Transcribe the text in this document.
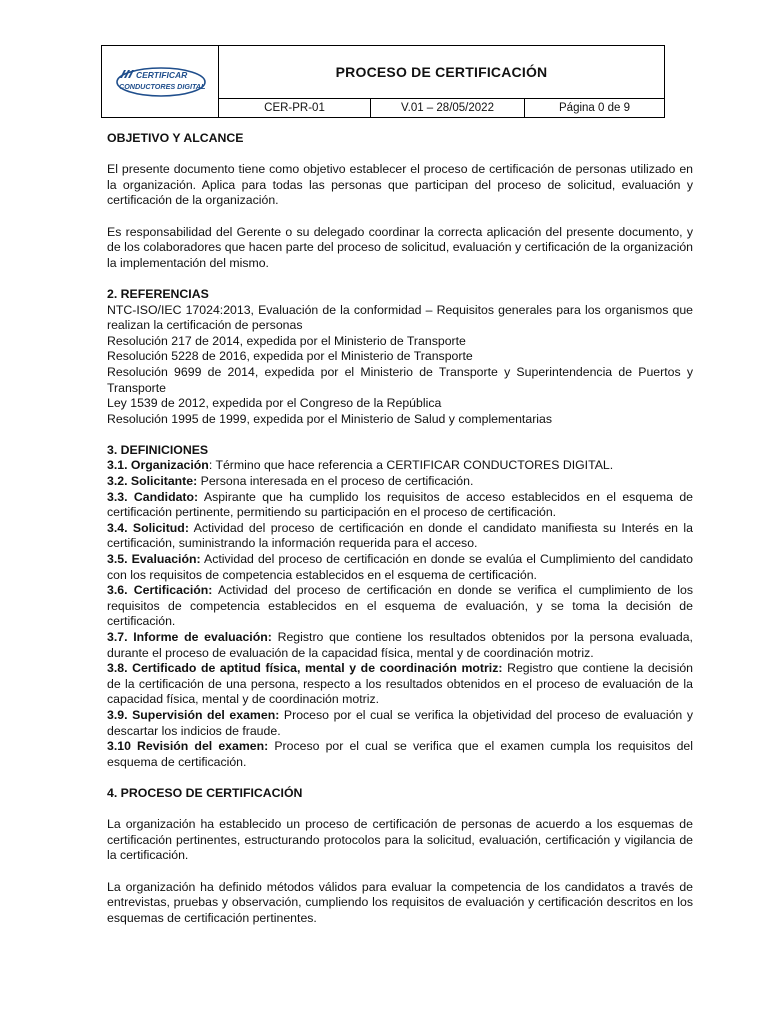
CERTIFICAR
CONDUCTORES DIGITAL
PROCESO DE CERTIFICACIÓN
CER-PR-01	V.01 – 28/05/2022	Página 0 de 9

OBJETIVO Y ALCANCE

El presente documento tiene como objetivo establecer el proceso de certificación de personas utilizado en la organización. Aplica para todas las personas que participan del proceso de solicitud, evaluación y certificación de la organización.

Es responsabilidad del Gerente o su delegado coordinar la correcta aplicación del presente documento, y de los colaboradores que hacen parte del proceso de solicitud, evaluación y certificación de la organización la implementación del mismo.

2. REFERENCIAS

NTC-ISO/IEC 17024:2013, Evaluación de la conformidad – Requisitos generales para los organismos que realizan la certificación de personas

Resolución 217 de 2014, expedida por el Ministerio de Transporte

Resolución 5228 de 2016, expedida por el Ministerio de Transporte

Resolución 9699 de 2014, expedida por el Ministerio de Transporte y Superintendencia de Puertos y Transporte

Ley 1539 de 2012, expedida por el Congreso de la República

Resolución 1995 de 1999, expedida por el Ministerio de Salud y complementarias

3. DEFINICIONES

3.1. Organización: Término que hace referencia a CERTIFICAR CONDUCTORES DIGITAL.

3.2. Solicitante: Persona interesada en el proceso de certificación.

3.3. Candidato: Aspirante que ha cumplido los requisitos de acceso establecidos en el esquema de certificación pertinente, permitiendo su participación en el proceso de certificación.

3.4. Solicitud: Actividad del proceso de certificación en donde el candidato manifiesta su Interés en la certificación, suministrando la información requerida para el acceso.

3.5. Evaluación: Actividad del proceso de certificación en donde se evalúa el Cumplimiento del candidato con los requisitos de competencia establecidos en el esquema de certificación.

3.6. Certificación: Actividad del proceso de certificación en donde se verifica el cumplimiento de los requisitos de competencia establecidos en el esquema de evaluación, y se toma la decisión de certificación.

3.7. Informe de evaluación: Registro que contiene los resultados obtenidos por la persona evaluada, durante el proceso de evaluación de la capacidad física, mental y de coordinación motriz.

3.8. Certificado de aptitud física, mental y de coordinación motriz: Registro que contiene la decisión de la certificación de una persona, respecto a los resultados obtenidos en el proceso de evaluación de la capacidad física, mental y de coordinación motriz.

3.9. Supervisión del examen: Proceso por el cual se verifica la objetividad del proceso de evaluación y descartar los indicios de fraude.

3.10 Revisión del examen: Proceso por el cual se verifica que el examen cumpla los requisitos del esquema de certificación.

4. PROCESO DE CERTIFICACIÓN

La organización ha establecido un proceso de certificación de personas de acuerdo a los esquemas de certificación pertinentes, estructurando protocolos para la solicitud, evaluación, certificación y vigilancia de la certificación.

La organización ha definido métodos válidos para evaluar la competencia de los candidatos a través de entrevistas, pruebas y observación, cumpliendo los requisitos de evaluación y certificación descritos en los esquemas de certificación pertinentes.
